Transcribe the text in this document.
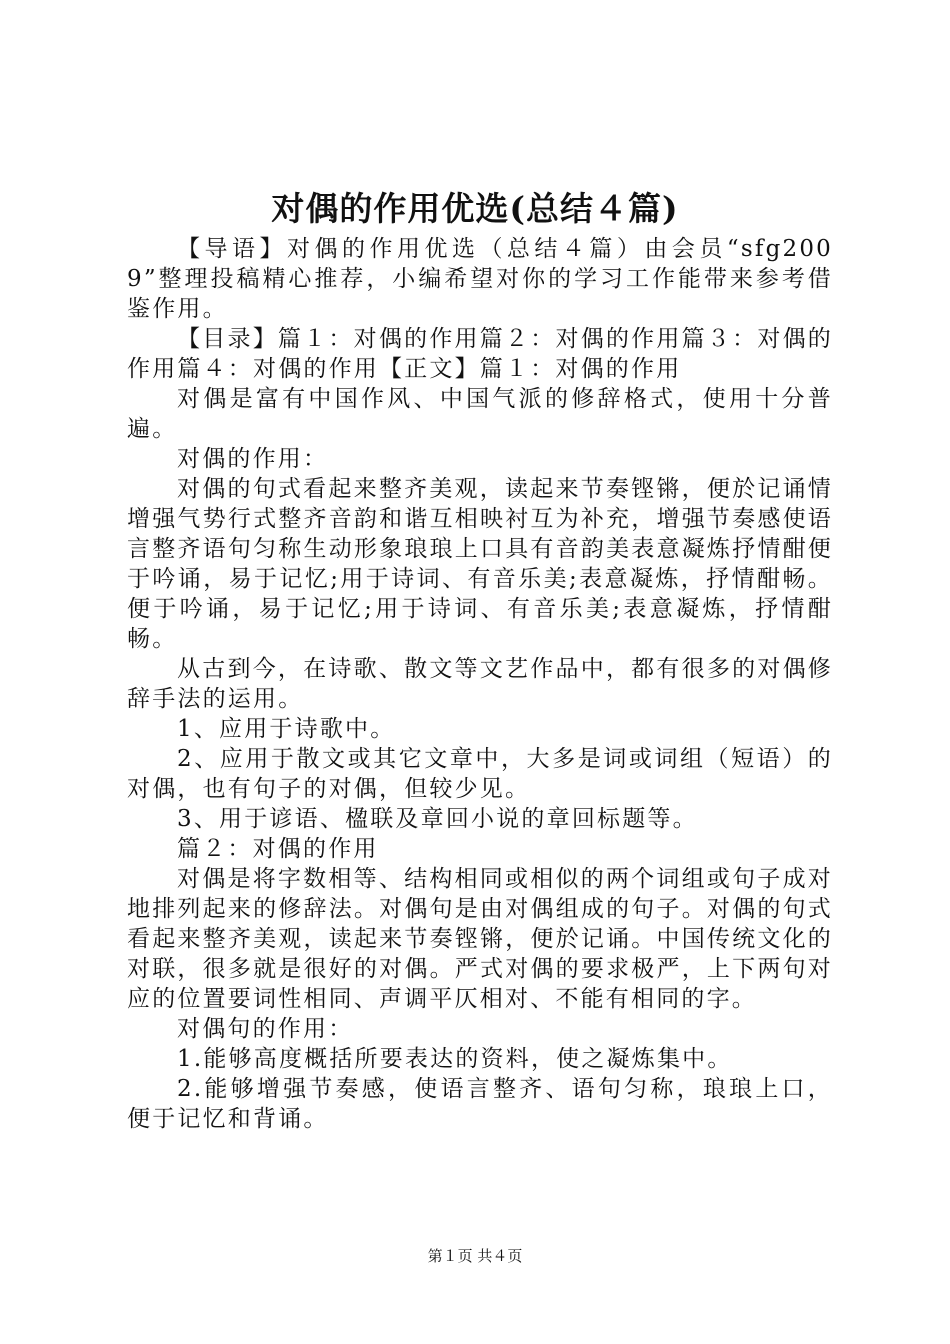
对偶的作用优选(总结４篇)

【导语】对偶的作用优选（总结４篇）由会员“sfg2009”整理投稿精心推荐，小编希望对你的学习工作能带来参考借鉴作用。

【目录】篇１：对偶的作用篇２：对偶的作用篇３：对偶的作用篇４：对偶的作用【正文】篇１：对偶的作用

对偶是富有中国作风、中国气派的修辞格式，使用十分普遍。

对偶的作用：

对偶的句式看起来整齐美观，读起来节奏铿锵，便於记诵情增强气势行式整齐音韵和谐互相映衬互为补充，增强节奏感使语言整齐语句匀称生动形象琅琅上口具有音韵美表意凝炼抒情酣便于吟诵，易于记忆;用于诗词、有音乐美;表意凝炼，抒情酣畅。便于吟诵，易于记忆;用于诗词、有音乐美;表意凝炼，抒情酣畅。

从古到今，在诗歌、散文等文艺作品中，都有很多的对偶修辞手法的运用。

1、应用于诗歌中。

2、应用于散文或其它文章中，大多是词或词组（短语）的对偶，也有句子的对偶，但较少见。

3、用于谚语、楹联及章回小说的章回标题等。

篇２：对偶的作用

对偶是将字数相等、结构相同或相似的两个词组或句子成对地排列起来的修辞法。对偶句是由对偶组成的句子。对偶的句式看起来整齐美观，读起来节奏铿锵，便於记诵。中国传统文化的对联，很多就是很好的对偶。严式对偶的要求极严，上下两句对应的位置要词性相同、声调平仄相对、不能有相同的字。

对偶句的作用：

1.能够高度概括所要表达的资料，使之凝炼集中。

2.能够增强节奏感，使语言整齐、语句匀称，琅琅上口，便于记忆和背诵。

第１页 共４页
